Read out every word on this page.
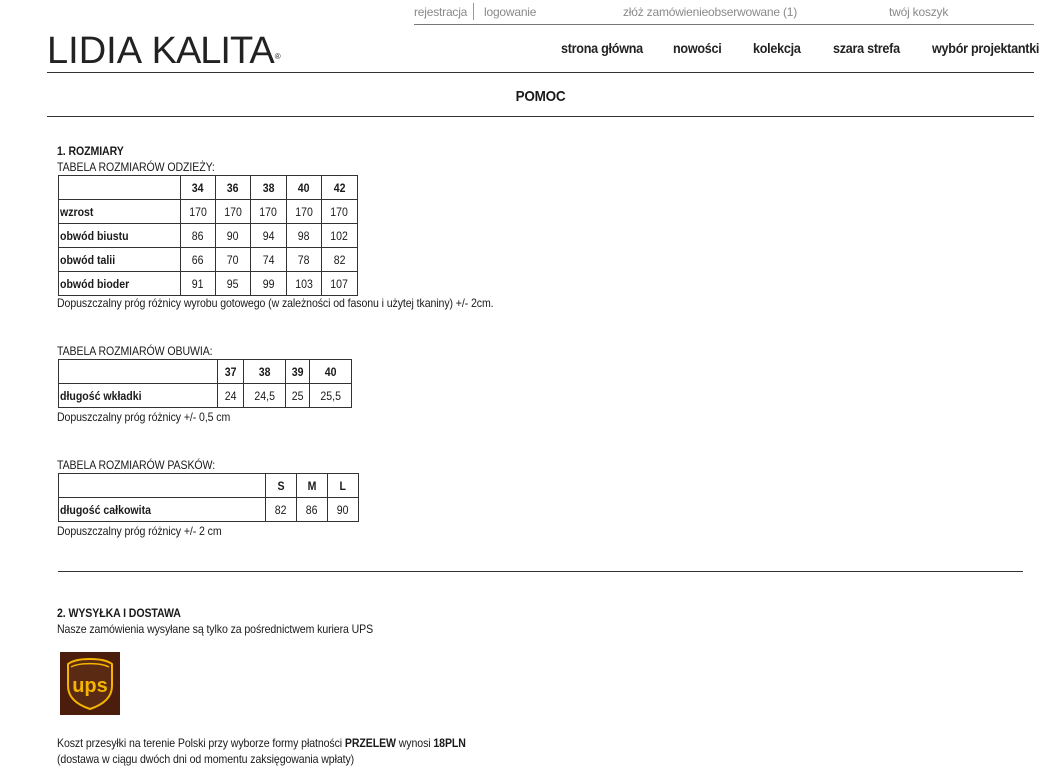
rejestracja logowanie	złóż zamówienie obserwowane (1)	twój koszyk
LIDIA KALITA®
strona główna nowości kolekcja szara strefa wybór projektantki
POMOC
1. ROZMIARY
TABELA ROZMIARÓW ODZIEŻY:
	34	36	38	40	42
wzrost	170	170	170	170	170
obwód biustu	86	90	94	98	102
obwód talii	66	70	74	78	82
obwód bioder	91	95	99	103	107
Dopuszczalny próg różnicy wyrobu gotowego (w zależności od fasonu i użytej tkaniny) +/- 2cm.
TABELA ROZMIARÓW OBUWIA:
	37	38	39	40
długość wkładki	24	24,5	25	25,5
Dopuszczalny próg różnicy +/- 0,5 cm
TABELA ROZMIARÓW PASKÓW:
	S	M	L
długość całkowita	82	86	90
Dopuszczalny próg różnicy +/- 2 cm
2. WYSYŁKA I DOSTAWA
Nasze zamówienia wysyłane są tylko za pośrednictwem kuriera UPS
ups
Koszt przesyłki na terenie Polski przy wyborze formy płatności PRZELEW wynosi 18PLN
(dostawa w ciągu dwóch dni od momentu zaksięgowania wpłaty)
